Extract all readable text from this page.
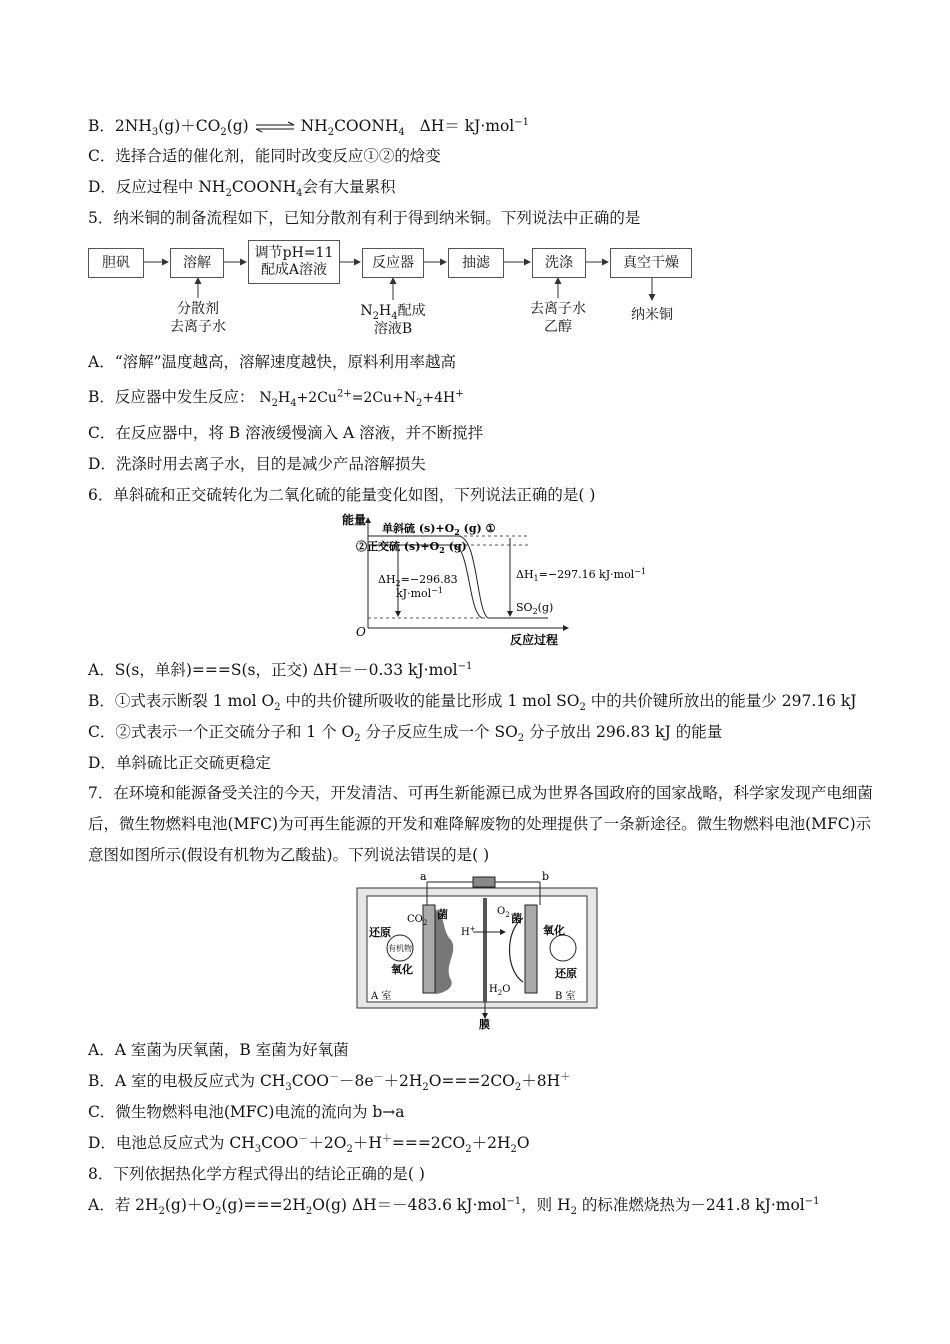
B．$2NH_3(g)+CO_2(g)$ ⇌ $NH_2COONH_4$ ΔH＝ kJ·mol$^{-1}$
C．选择合适的催化剂，能同时改变反应①②的焓变
D．反应过程中 $NH_2COONH_4$会有大量累积
5．纳米铜的制备流程如下，已知分散剂有利于得到纳米铜。下列说法中正确的是
胆矾	溶解
调节pH=11
配成A溶液	反应器	抽滤	洗涤	真空干燥
分散剂
去离子水
$N_2H_4$配成
溶液B
去离子水
乙醇
纳米铜
A．“溶解”温度越高，溶解速度越快，原料利用率越高
B．反应器中发生反应： $N_2H_4+2Cu^{2+}=2Cu+N_2+4H^+$
C．在反应器中，将 B 溶液缓慢滴入 A 溶液，并不断搅拌
D．洗涤时用去离子水，目的是减少产品溶解损失
6．单斜硫和正交硫转化为二氧化硫的能量变化如图，下列说法正确的是( )
能量
O
反应过程
单斜硫 $(s)+O_2$ (g) ①
②正交硫 $(s)+O_2$ (g)
$\Delta H_2=-296.83$
kJ·mol$^{-1}$
$\Delta H_1=-297.16$ kJ·mol$^{-1}$
$SO_2(g)$
A．S(s，单斜)===S(s，正交) ΔH＝－0.33 kJ·mol$^{-1}$
B．①式表示断裂 1 mol $O_2$ 中的共价键所吸收的能量比形成 1 mol $SO_2$ 中的共价键所放出的能量少 297.16 kJ
C．②式表示一个正交硫分子和 1 个 $O_2$ 分子反应生成一个 $SO_2$ 分子放出 296.83 kJ 的能量
D．单斜硫比正交硫更稳定
7．在环境和能源备受关注的今天，开发清洁、可再生新能源已成为世界各国政府的国家战略，科学家发现产电细菌后，微生物燃料电池(MFC)为可再生能源的开发和难降解废物的处理提供了一条新途径。微生物燃料电池(MFC)示意图如图所示(假设有机物为乙酸盐)。下列说法错误的是( )
a	b
$CO_2$
菌
还原
有机物
氧化
A 室
H+
$O_2$ 菌
氧化
还原
$H_2O$
B 室
膜
A．A 室菌为厌氧菌，B 室菌为好氧菌
B．A 室的电极反应式为 $CH_3COO^--8e^-+2H_2O===2CO_2+8H^+$
C．微生物燃料电池(MFC)电流的流向为 b→a
D．电池总反应式为 $CH_3COO^-+2O_2+H^+===2CO_2+2H_2O$
8．下列依据热化学方程式得出的结论正确的是( )
A．若 $2H_2(g)+O_2(g)===2H_2O(g)$ ΔH＝－483.6 kJ·mol$^{-1}$，则 $H_2$ 的标准燃烧热为－241.8 kJ·mol$^{-1}$
